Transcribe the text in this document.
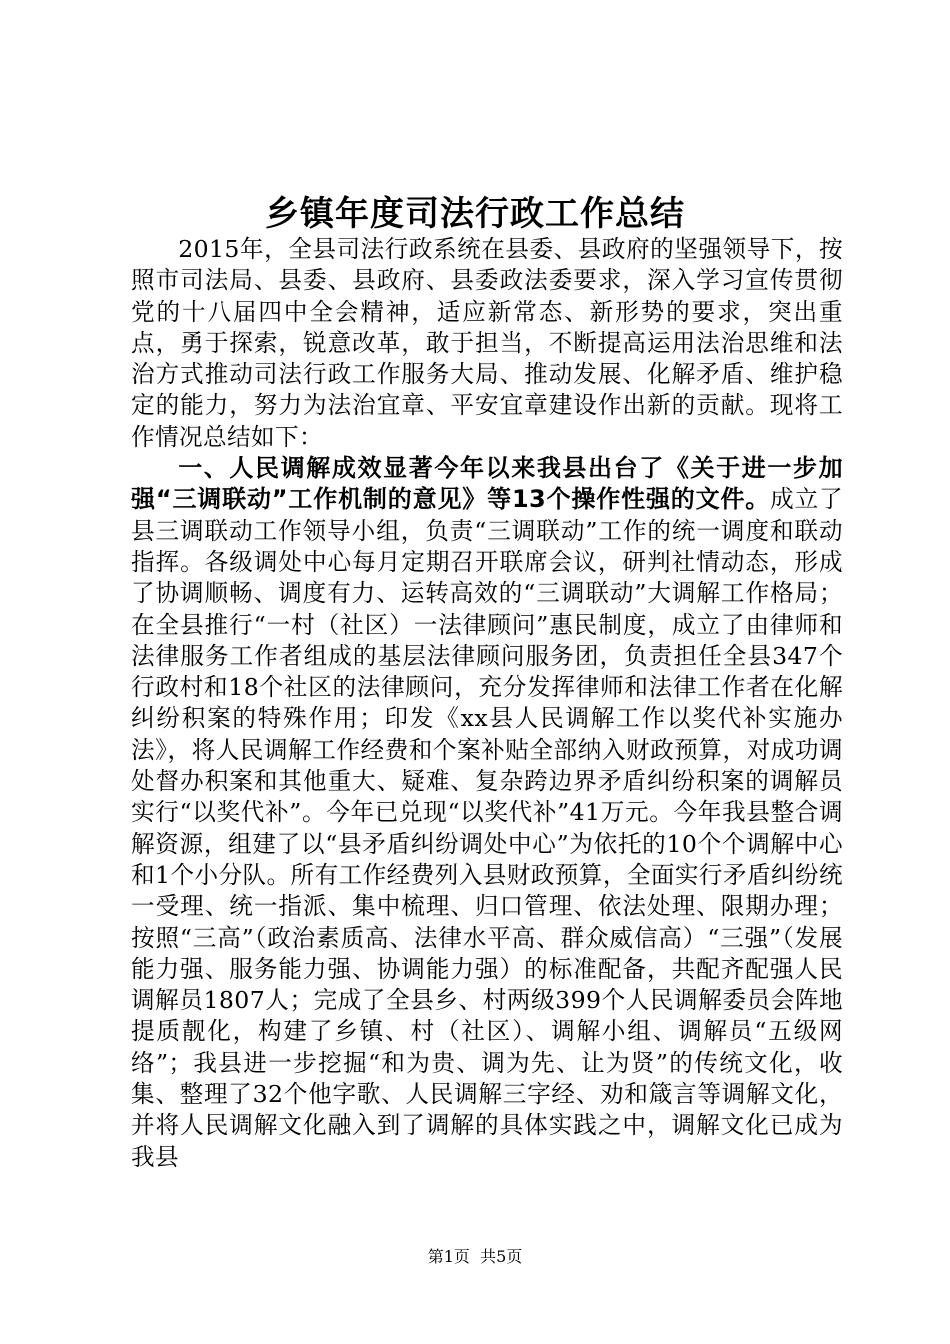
乡镇年度司法行政工作总结

2015年，全县司法行政系统在县委、县政府的坚强领导下，按照市司法局、县委、县政府、县委政法委要求，深入学习宣传贯彻党的十八届四中全会精神，适应新常态、新形势的要求，突出重点，勇于探索，锐意改革，敢于担当，不断提高运用法治思维和法治方式推动司法行政工作服务大局、推动发展、化解矛盾、维护稳定的能力，努力为法治宜章、平安宜章建设作出新的贡献。现将工作情况总结如下：

一、人民调解成效显著今年以来我县出台了《关于进一步加强“三调联动”工作机制的意见》等13个操作性强的文件。成立了县三调联动工作领导小组，负责“三调联动”工作的统一调度和联动指挥。各级调处中心每月定期召开联席会议，研判社情动态，形成了协调顺畅、调度有力、运转高效的“三调联动”大调解工作格局；在全县推行“一村（社区）一法律顾问”惠民制度，成立了由律师和法律服务工作者组成的基层法律顾问服务团，负责担任全县347个行政村和18个社区的法律顾问，充分发挥律师和法律工作者在化解纠纷积案的特殊作用；印发《xx县人民调解工作以奖代补实施办法》，将人民调解工作经费和个案补贴全部纳入财政预算，对成功调处督办积案和其他重大、疑难、复杂跨边界矛盾纠纷积案的调解员实行“以奖代补”。今年已兑现“以奖代补”41万元。今年我县整合调解资源，组建了以“县矛盾纠纷调处中心”为依托的10个个调解中心和1个小分队。所有工作经费列入县财政预算，全面实行矛盾纠纷统一受理、统一指派、集中梳理、归口管理、依法处理、限期办理；按照“三高”（政治素质高、法律水平高、群众威信高）“三强”（发展能力强、服务能力强、协调能力强）的标准配备，共配齐配强人民调解员1807人；完成了全县乡、村两级399个人民调解委员会阵地提质靓化，构建了乡镇、村（社区）、调解小组、调解员“五级网络”；我县进一步挖掘“和为贵、调为先、让为贤”的传统文化，收集、整理了32个他字歌、人民调解三字经、劝和箴言等调解文化，并将人民调解文化融入到了调解的具体实践之中，调解文化已成为我县

第1页  共5页
